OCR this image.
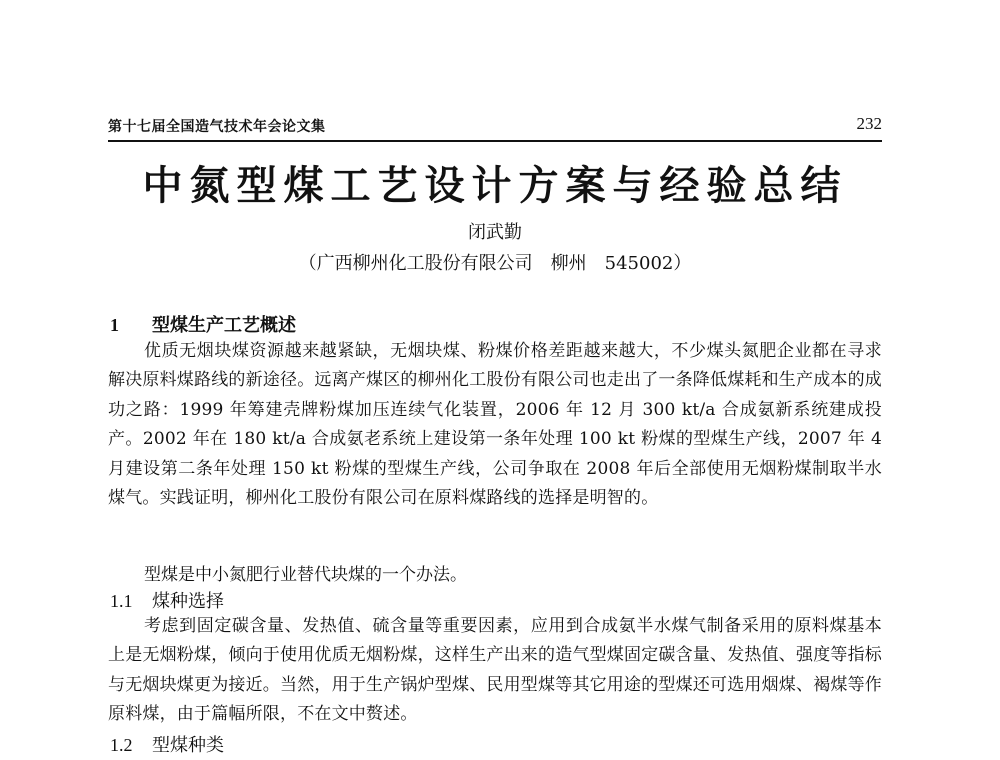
第十七届全国造气技术年会论文集	232
中氮型煤工艺设计方案与经验总结
闭武勤
（广西柳州化工股份有限公司　柳州　545002）
1 型煤生产工艺概述
优质无烟块煤资源越来越紧缺，无烟块煤、粉煤价格差距越来越大，不少煤头氮肥企业都在寻求解决原料煤路线的新途径。远离产煤区的柳州化工股份有限公司也走出了一条降低煤耗和生产成本的成功之路：1999 年筹建壳牌粉煤加压连续气化装置，2006 年 12 月 300 kt/a 合成氨新系统建成投产。2002 年在 180 kt/a 合成氨老系统上建设第一条年处理 100 kt 粉煤的型煤生产线，2007 年 4 月建设第二条年处理 150 kt 粉煤的型煤生产线，公司争取在 2008 年后全部使用无烟粉煤制取半水煤气。实践证明，柳州化工股份有限公司在原料煤路线的选择是明智的。
型煤是中小氮肥行业替代块煤的一个办法。
1.1 煤种选择
考虑到固定碳含量、发热值、硫含量等重要因素，应用到合成氨半水煤气制备采用的原料煤基本上是无烟粉煤，倾向于使用优质无烟粉煤，这样生产出来的造气型煤固定碳含量、发热值、强度等指标与无烟块煤更为接近。当然，用于生产锅炉型煤、民用型煤等其它用途的型煤还可选用烟煤、褐煤等作原料煤，由于篇幅所限，不在文中赘述。
1.2 型煤种类
